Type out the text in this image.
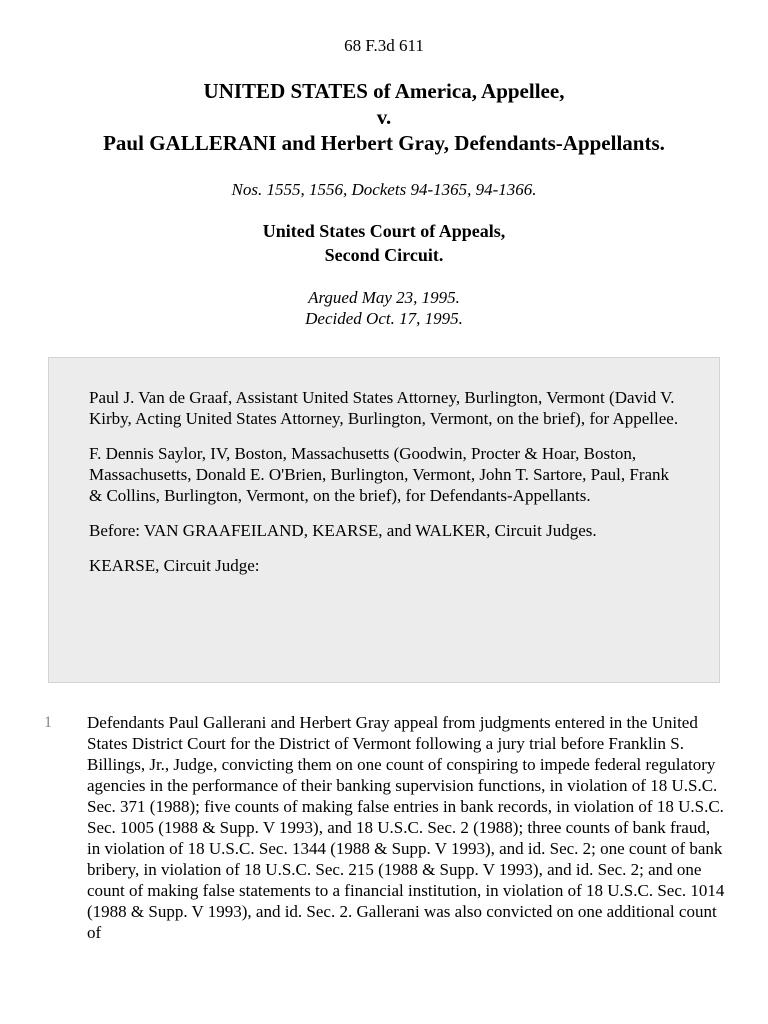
68 F.3d 611
UNITED STATES of America, Appellee,
v.
Paul GALLERANI and Herbert Gray, Defendants-Appellants.
Nos. 1555, 1556, Dockets 94-1365, 94-1366.
United States Court of Appeals,
Second Circuit.
Argued May 23, 1995.
Decided Oct. 17, 1995.

Paul J. Van de Graaf, Assistant United States Attorney, Burlington, Vermont (David V. Kirby, Acting United States Attorney, Burlington, Vermont, on the brief), for Appellee.

F. Dennis Saylor, IV, Boston, Massachusetts (Goodwin, Procter & Hoar, Boston, Massachusetts, Donald E. O'Brien, Burlington, Vermont, John T. Sartore, Paul, Frank & Collins, Burlington, Vermont, on the brief), for Defendants-Appellants.

Before: VAN GRAAFEILAND, KEARSE, and WALKER, Circuit Judges.

KEARSE, Circuit Judge:

1 Defendants Paul Gallerani and Herbert Gray appeal from judgments entered in the United States District Court for the District of Vermont following a jury trial before Franklin S. Billings, Jr., Judge, convicting them on one count of conspiring to impede federal regulatory agencies in the performance of their banking supervision functions, in violation of 18 U.S.C. Sec. 371 (1988); five counts of making false entries in bank records, in violation of 18 U.S.C. Sec. 1005 (1988 & Supp. V 1993), and 18 U.S.C. Sec. 2 (1988); three counts of bank fraud, in violation of 18 U.S.C. Sec. 1344 (1988 & Supp. V 1993), and id. Sec. 2; one count of bank bribery, in violation of 18 U.S.C. Sec. 215 (1988 & Supp. V 1993), and id. Sec. 2; and one count of making false statements to a financial institution, in violation of 18 U.S.C. Sec. 1014 (1988 & Supp. V 1993), and id. Sec. 2. Gallerani was also convicted on one additional count of
